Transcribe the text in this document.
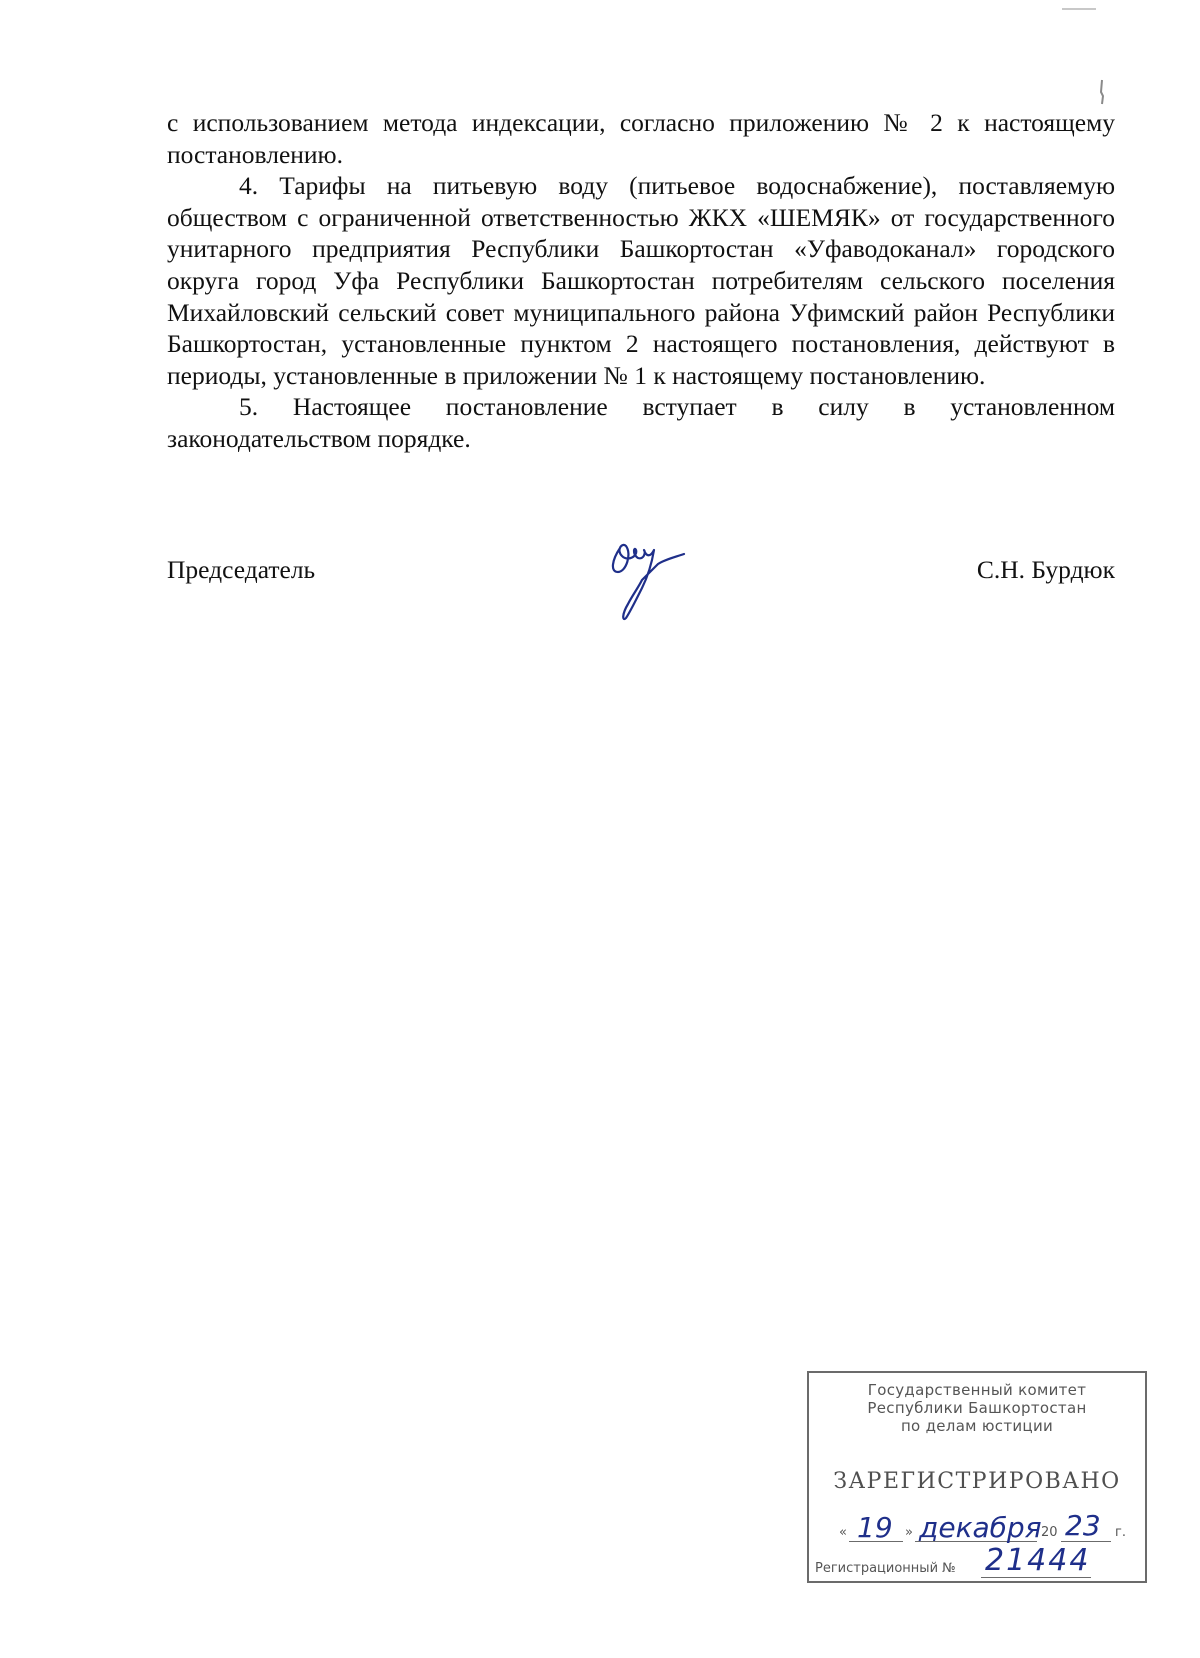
с использованием метода индексации, согласно приложению № 2 к настоящему постановлению.

4. Тарифы на питьевую воду (питьевое водоснабжение), поставляемую обществом с ограниченной ответственностью ЖКХ «ШЕМЯК» от государственного унитарного предприятия Республики Башкортостан «Уфаводоканал» городского округа город Уфа Республики Башкортостан потребителям сельского поселения Михайловский сельский совет муниципального района Уфимский район Республики Башкортостан, установленные пунктом 2 настоящего постановления, действуют в периоды, установленные в приложении № 1 к настоящему постановлению.

5. Настоящее постановление вступает в силу в установленном законодательством порядке.

Председатель	С.Н. Бурдюк
Государственный комитет
Республики Башкортостан
по делам юстиции
ЗАРЕГИСТРИРОВАНО
« 19 » декабря 20 23 г.
Регистрационный № 21444
